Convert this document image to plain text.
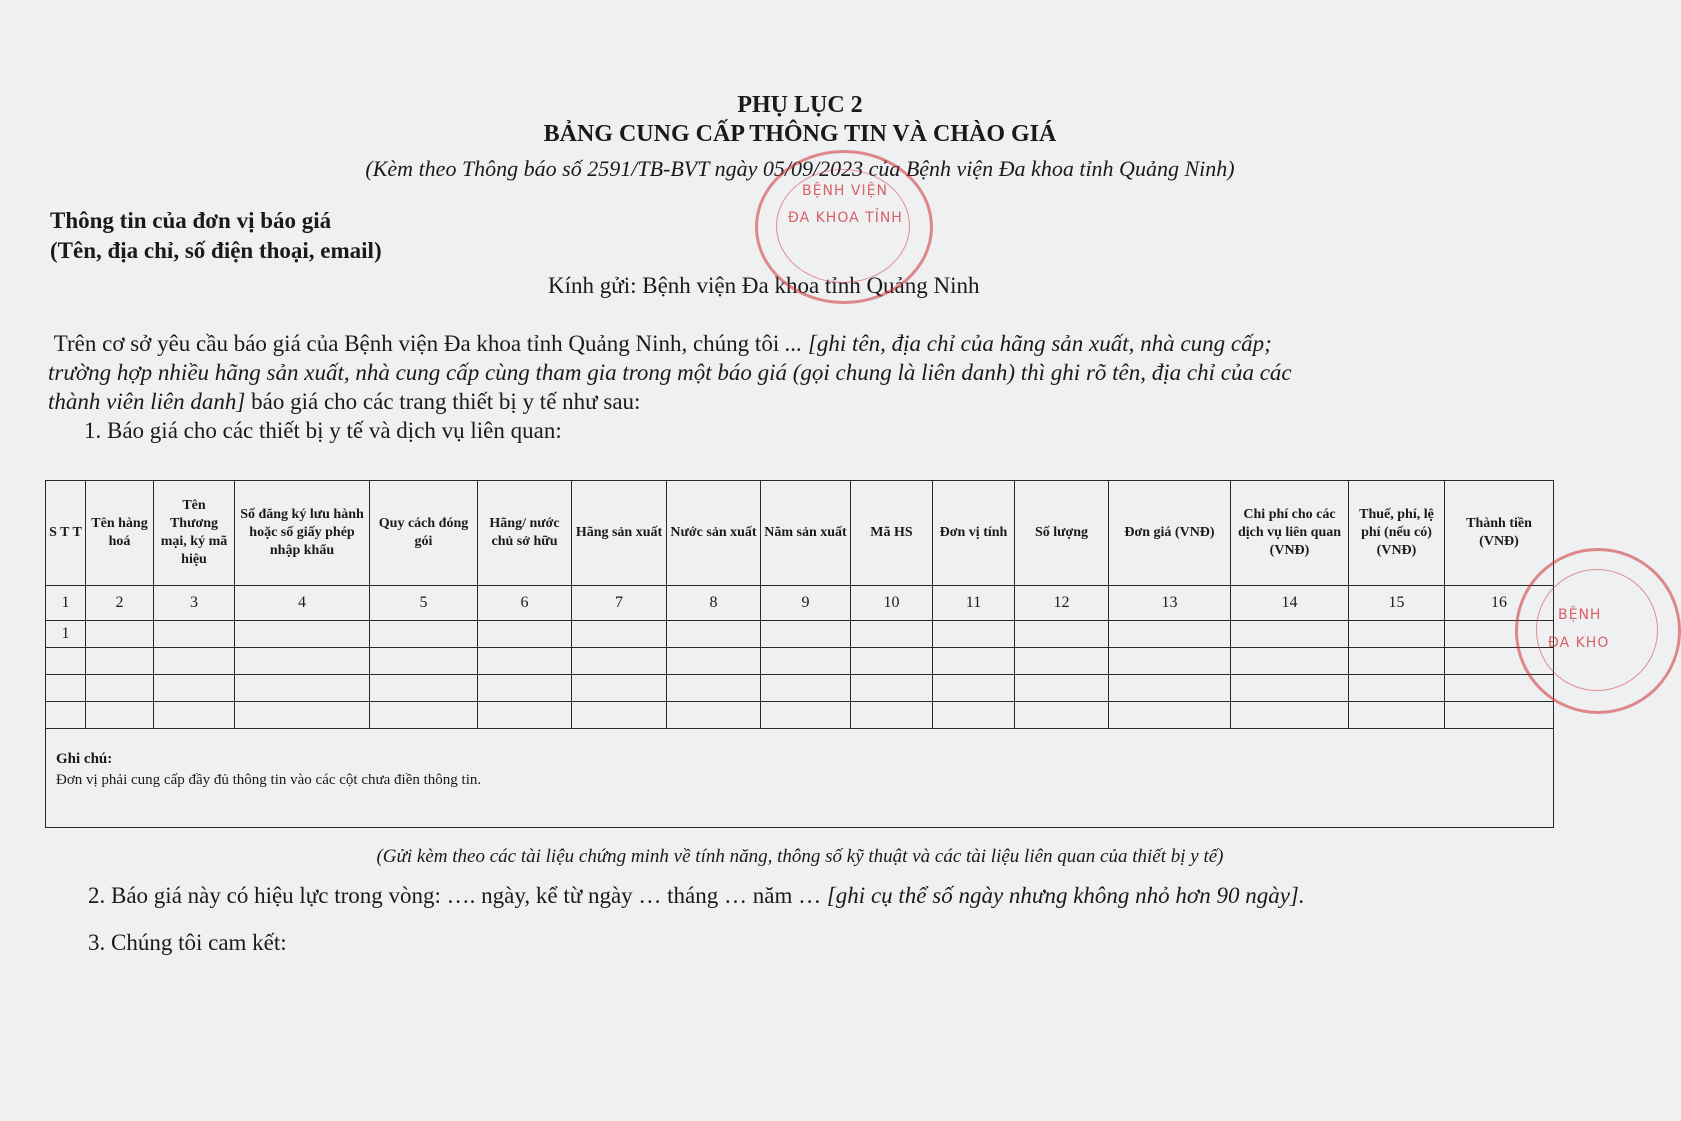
PHỤ LỤC 2
BẢNG CUNG CẤP THÔNG TIN VÀ CHÀO GIÁ
(Kèm theo Thông báo số 2591/TB-BVT ngày 05/09/2023 của Bệnh viện Đa khoa tỉnh Quảng Ninh)
Thông tin của đơn vị báo giá
(Tên, địa chỉ, số điện thoại, email)
Kính gửi: Bệnh viện Đa khoa tỉnh Quảng Ninh
Trên cơ sở yêu cầu báo giá của Bệnh viện Đa khoa tỉnh Quảng Ninh, chúng tôi ... [ghi tên, địa chỉ của hãng sản xuất, nhà cung cấp;
trường hợp nhiều hãng sản xuất, nhà cung cấp cùng tham gia trong một báo giá (gọi chung là liên danh) thì ghi rõ tên, địa chỉ của các
thành viên liên danh] báo giá cho các trang thiết bị y tế như sau:
1. Báo giá cho các thiết bị y tế và dịch vụ liên quan:
S T T	Tên hàng hoá	Tên Thương mại, ký mã hiệu	Số đăng ký lưu hành hoặc số giấy phép nhập khẩu	Quy cách đóng gói	Hãng/ nước chủ sở hữu	Hãng sản xuất	Nước sản xuất	Năm sản xuất	Mã HS	Đơn vị tính	Số lượng	Đơn giá (VNĐ)	Chi phí cho các dịch vụ liên quan (VNĐ)	Thuế, phí, lệ phí (nếu có) (VNĐ)	Thành tiền (VNĐ)
1	2	3	4	5	6	7	8	9	10	11	12	13	14	15	16
1															

Ghi chú:
Đơn vị phải cung cấp đầy đủ thông tin vào các cột chưa điền thông tin.															
(Gửi kèm theo các tài liệu chứng minh về tính năng, thông số kỹ thuật và các tài liệu liên quan của thiết bị y tế)
2. Báo giá này có hiệu lực trong vòng: …. ngày, kể từ ngày … tháng … năm … [ghi cụ thể số ngày nhưng không nhỏ hơn 90 ngày].
3. Chúng tôi cam kết:
BỆNH VIỆN
ĐA KHOA TỈNH
BỆNH
ĐA KHO
